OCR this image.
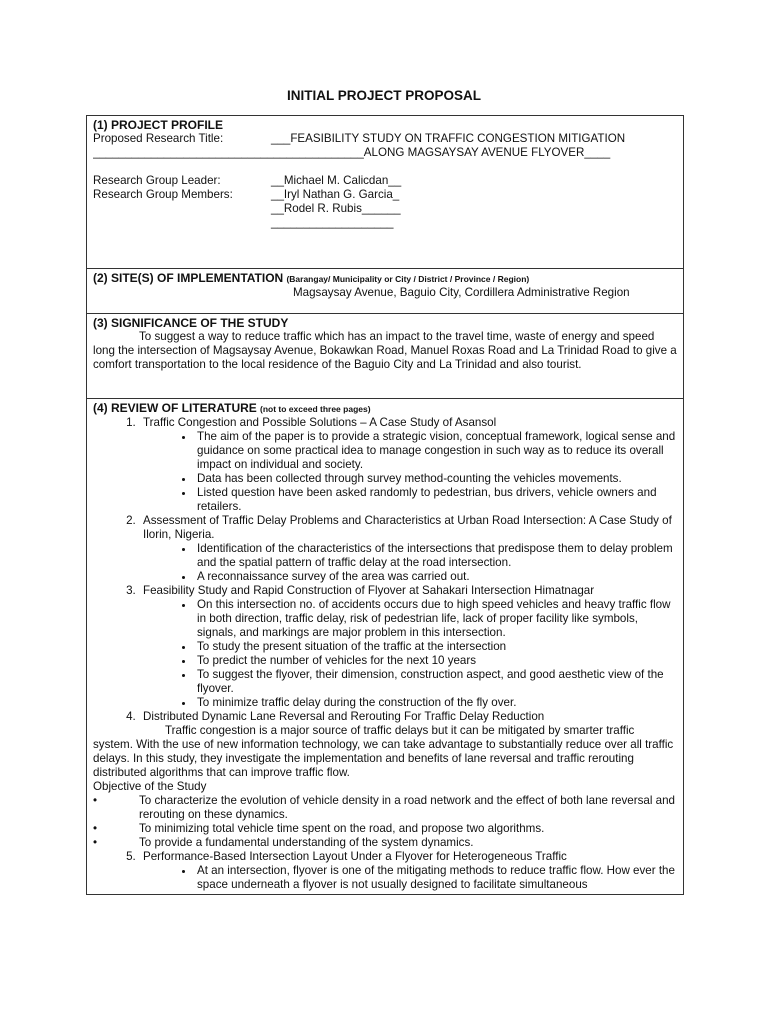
INITIAL PROJECT PROPOSAL
(1) PROJECT PROFILE
Proposed Research Title:	___FEASIBILITY STUDY ON TRAFFIC CONGESTION MITIGATION
__________________________________________ALONG MAGSAYSAY AVENUE FLYOVER____
Research Group Leader:	__Michael M. Calicdan__
Research Group Members:	__Iryl Nathan G. Garcia_
__Rodel R. Rubis______
___________________

(2) SITE(S) OF IMPLEMENTATION (Barangay/ Municipality or City / District / Province / Region)
Magsaysay Avenue, Baguio City, Cordillera Administrative Region

(3) SIGNIFICANCE OF THE STUDY

To suggest a way to reduce traffic which has an impact to the travel time, waste of energy and speed long the intersection of Magsaysay Avenue, Bokawkan Road, Manuel Roxas Road and La Trinidad Road to give a comfort transportation to the local residence of the Baguio City and La Trinidad and also tourist.

(4) REVIEW OF LITERATURE (not to exceed three pages)
1. Traffic Congestion and Possible Solutions – A Case Study of Asansol
• The aim of the paper is to provide a strategic vision, conceptual framework, logical sense and guidance on some practical idea to manage congestion in such way as to reduce its overall impact on individual and society.
• Data has been collected through survey method-counting the vehicles movements.
• Listed question have been asked randomly to pedestrian, bus drivers, vehicle owners and retailers.
2. Assessment of Traffic Delay Problems and Characteristics at Urban Road Intersection: A Case Study of Ilorin, Nigeria.
• Identification of the characteristics of the intersections that predispose them to delay problem and the spatial pattern of traffic delay at the road intersection.
• A reconnaissance survey of the area was carried out.
3. Feasibility Study and Rapid Construction of Flyover at Sahakari Intersection Himatnagar
• On this intersection no. of accidents occurs due to high speed vehicles and heavy traffic flow in both direction, traffic delay, risk of pedestrian life, lack of proper facility like symbols, signals, and markings are major problem in this intersection.
• To study the present situation of the traffic at the intersection
• To predict the number of vehicles for the next 10 years
• To suggest the flyover, their dimension, construction aspect, and good aesthetic view of the flyover.
• To minimize traffic delay during the construction of the fly over.
4. Distributed Dynamic Lane Reversal and Rerouting For Traffic Delay Reduction

Traffic congestion is a major source of traffic delays but it can be mitigated by smarter traffic system. With the use of new information technology, we can take advantage to substantially reduce over all traffic delays. In this study, they investigate the implementation and benefits of lane reversal and traffic rerouting distributed algorithms that can improve traffic flow.

Objective of the Study

•	To characterize the evolution of vehicle density in a road network and the effect of both lane reversal and rerouting on these dynamics.
•	To minimizing total vehicle time spent on the road, and propose two algorithms.
•	To provide a fundamental understanding of the system dynamics.
5. Performance-Based Intersection Layout Under a Flyover for Heterogeneous Traffic
• At an intersection, flyover is one of the mitigating methods to reduce traffic flow. How ever the space underneath a flyover is not usually designed to facilitate simultaneous
